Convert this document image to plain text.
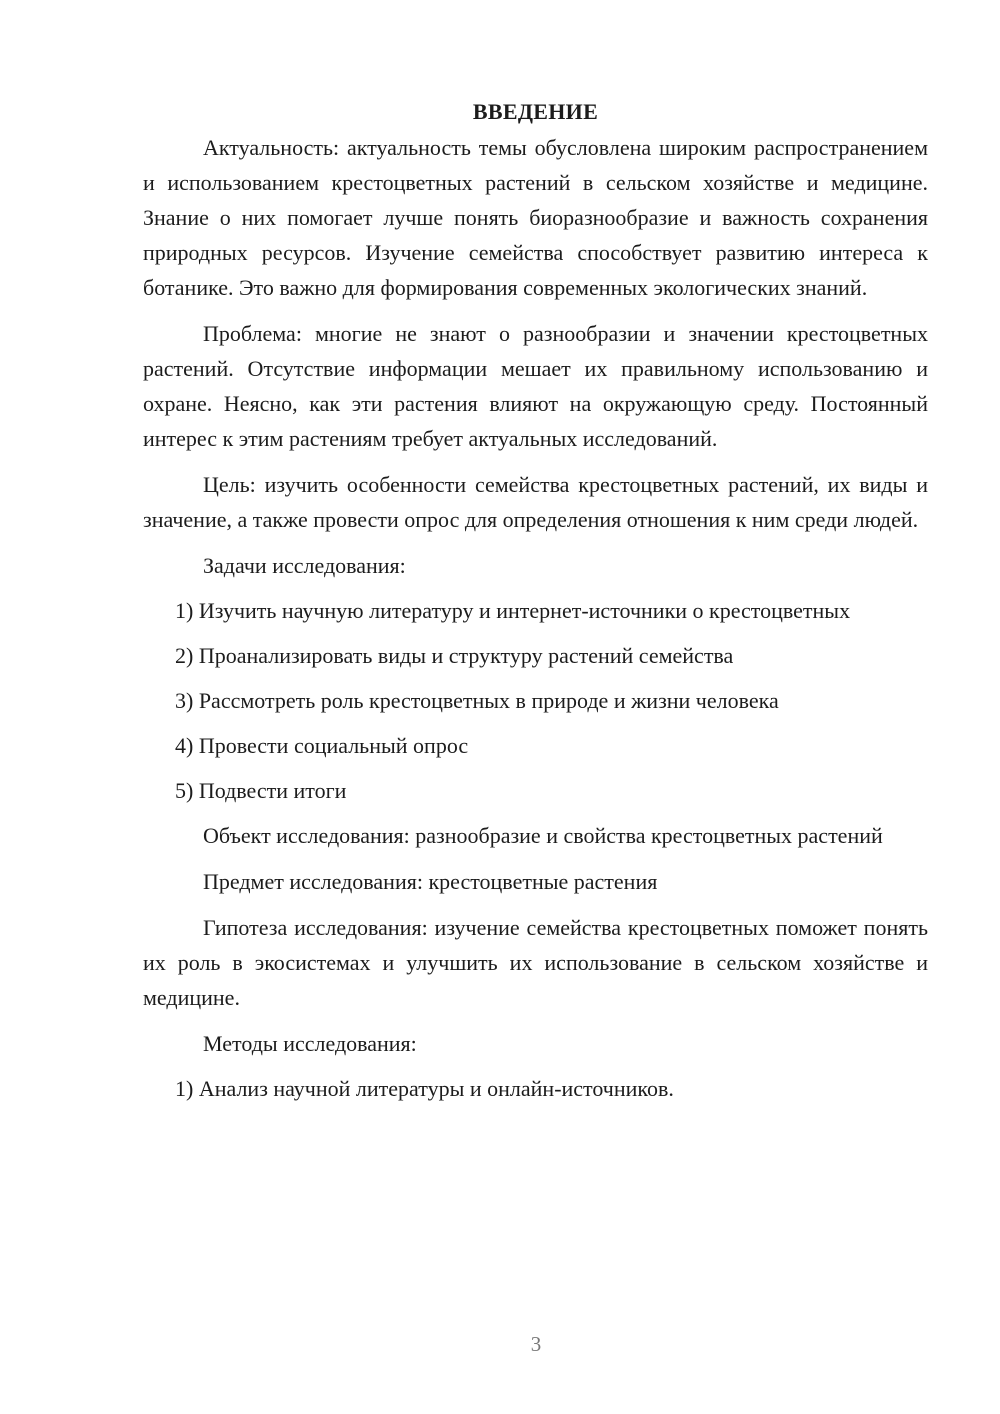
ВВЕДЕНИЕ

Актуальность: актуальность темы обусловлена широким распространением и использованием крестоцветных растений в сельском хозяйстве и медицине. Знание о них помогает лучше понять биоразнообразие и важность сохранения природных ресурсов. Изучение семейства способствует развитию интереса к ботанике. Это важно для формирования современных экологических знаний.

Проблема: многие не знают о разнообразии и значении крестоцветных растений. Отсутствие информации мешает их правильному использованию и охране. Неясно, как эти растения влияют на окружающую среду. Постоянный интерес к этим растениям требует актуальных исследований.

Цель: изучить особенности семейства крестоцветных растений, их виды и значение, а также провести опрос для определения отношения к ним среди людей.

Задачи исследования:

1) Изучить научную литературу и интернет-источники о крестоцветных

2) Проанализировать виды и структуру растений семейства

3) Рассмотреть роль крестоцветных в природе и жизни человека

4) Провести социальный опрос

5) Подвести итоги

Объект исследования: разнообразие и свойства крестоцветных растений

Предмет исследования: крестоцветные растения

Гипотеза исследования: изучение семейства крестоцветных поможет понять их роль в экосистемах и улучшить их использование в сельском хозяйстве и медицине.

Методы исследования:

1) Анализ научной литературы и онлайн-источников.

3
